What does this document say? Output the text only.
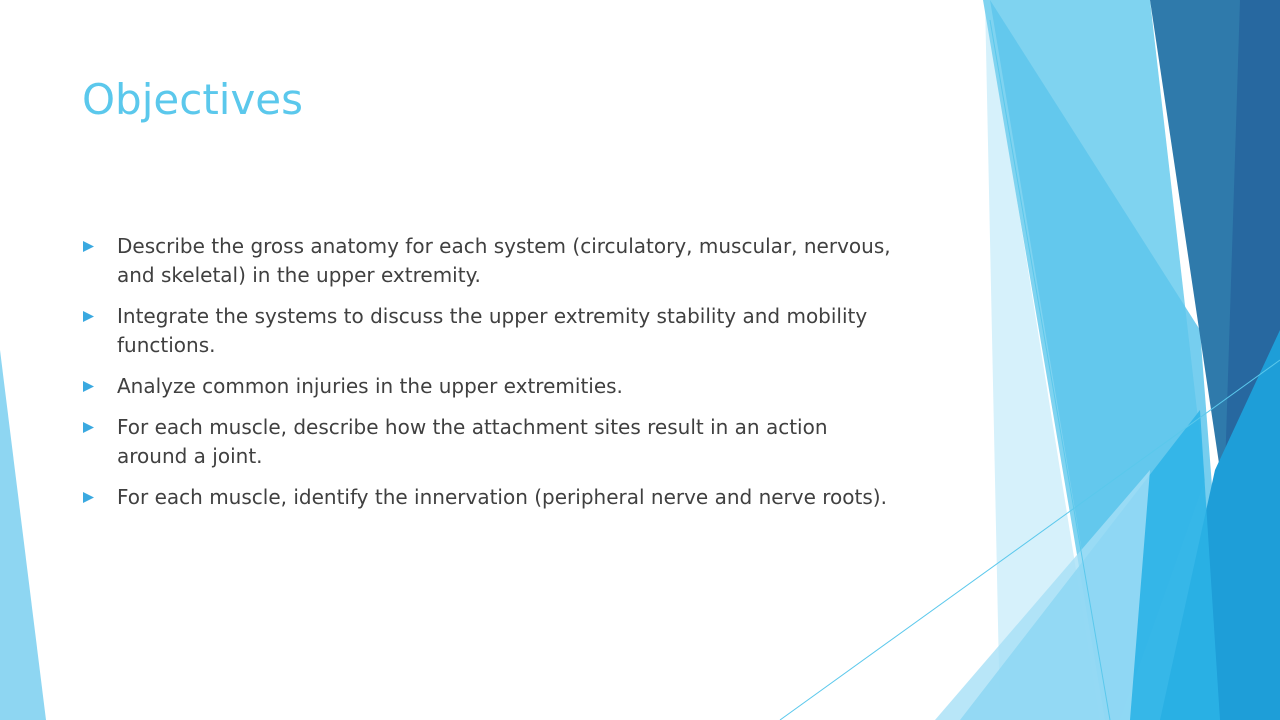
Objectives
Describe the gross anatomy for each system (circulatory, muscular, nervous,
and skeletal) in the upper extremity.
Integrate the systems to discuss the upper extremity stability and mobility
functions.
Analyze common injuries in the upper extremities.
For each muscle, describe how the attachment sites result in an action
around a joint.
For each muscle, identify the innervation (peripheral nerve and nerve roots).
